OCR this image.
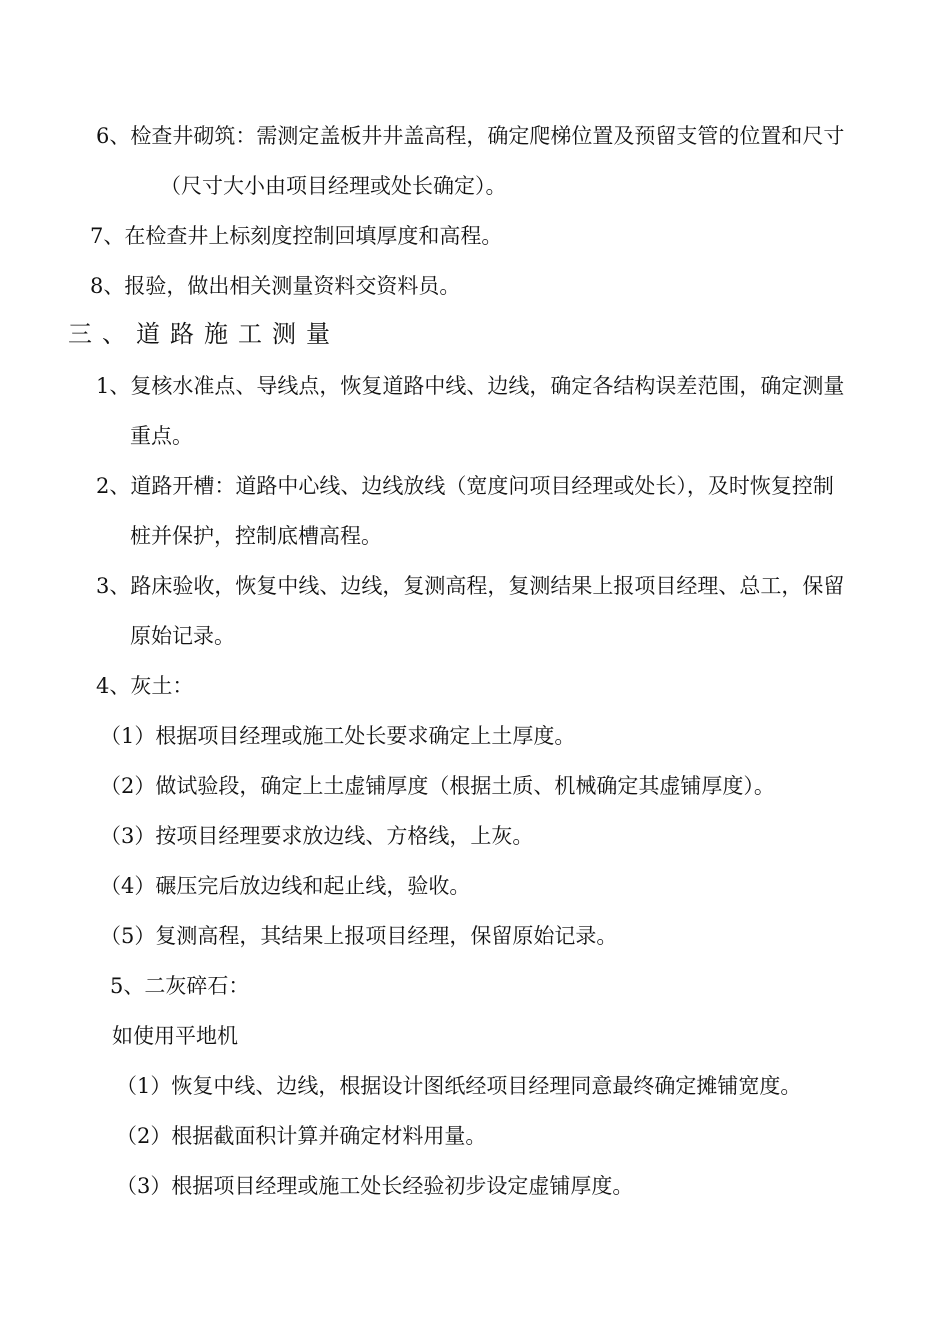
6、检查井砌筑：需测定盖板井井盖高程，确定爬梯位置及预留支管的位置和尺寸
（尺寸大小由项目经理或处长确定）。
7、在检查井上标刻度控制回填厚度和高程。
8、报验，做出相关测量资料交资料员。
三、道路施工测量
1、复核水准点、导线点，恢复道路中线、边线，确定各结构误差范围，确定测量
重点。
2、道路开槽：道路中心线、边线放线（宽度问项目经理或处长），及时恢复控制
桩并保护，控制底槽高程。
3、路床验收，恢复中线、边线，复测高程，复测结果上报项目经理、总工，保留
原始记录。
4、灰土：
（1）根据项目经理或施工处长要求确定上土厚度。
（2）做试验段，确定上土虚铺厚度（根据土质、机械确定其虚铺厚度）。
（3）按项目经理要求放边线、方格线，上灰。
（4）碾压完后放边线和起止线，验收。
（5）复测高程，其结果上报项目经理，保留原始记录。
5、二灰碎石：
如使用平地机
（1）恢复中线、边线，根据设计图纸经项目经理同意最终确定摊铺宽度。
（2）根据截面积计算并确定材料用量。
（3）根据项目经理或施工处长经验初步设定虚铺厚度。
